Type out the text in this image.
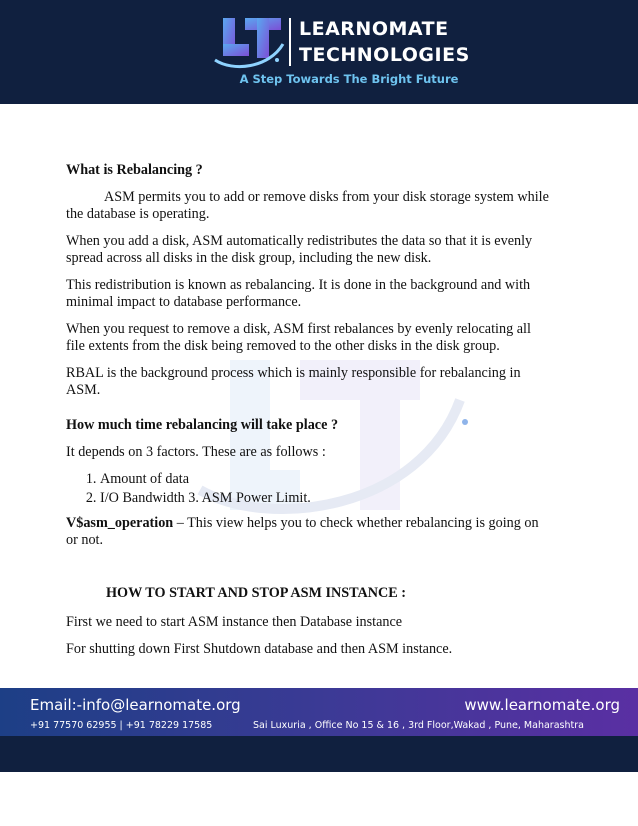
LEARNOMATE
TECHNOLOGIES
A Step Towards The Bright Future

What is Rebalancing ?

ASM permits you to add or remove disks from your disk storage system while the database is operating.

When you add a disk, ASM automatically redistributes the data so that it is evenly spread across all disks in the disk group, including the new disk.

This redistribution is known as rebalancing. It is done in the background and with minimal impact to database performance.

When you request to remove a disk, ASM first rebalances by evenly relocating all file extents from the disk being removed to the other disks in the disk group.

RBAL is the background process which is mainly responsible for rebalancing in ASM.

How much time rebalancing will take place ?

It depends on 3 factors. These are as follows :

1. Amount of data
2. I/O Bandwidth 3. ASM Power Limit.

V$asm_operation – This view helps you to check whether rebalancing is going on or not.

HOW TO START AND STOP ASM INSTANCE :

First we need to start ASM instance then Database instance

For shutting down First Shutdown database and then ASM instance.

Email:-info@learnomate.org	www.learnomate.org
+91 77570 62955 | +91 78229 17585	Sai Luxuria , Office No 15 & 16 , 3rd Floor,Wakad , Pune, Maharashtra
